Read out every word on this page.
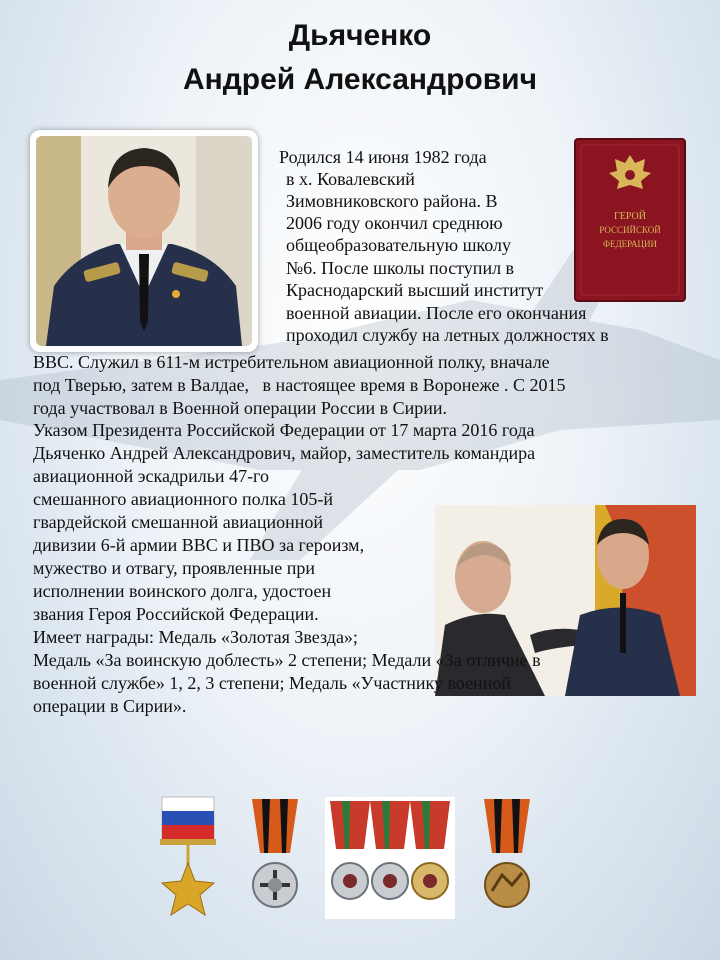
Дьяченко
Андрей Александрович
ГЕРОЙ
РОССИЙСКОЙ
ФЕДЕРАЦИИ
Родился 14 июня 1982 года
в х. Ковалевский
Зимовниковского района. В
2006 году окончил среднюю
общеобразовательную школу
№6. После школы поступил в
Краснодарский высший институт
военной авиации. После его окончания
проходил службу на летных должностях в
ВВС. Служил в 611-м истребительном авиационной полку, вначале
под Тверью, затем в Валдае,   в настоящее время в Воронеже . С 2015
года участвовал в Военной операции России в Сирии.
Указом Президента Российской Федерации от 17 марта 2016 года
Дьяченко Андрей Александрович, майор, заместитель командира
авиационной эскадрильи 47-го
смешанного авиационного полка 105-й
гвардейской смешанной авиационной
дивизии 6-й армии ВВС и ПВО за героизм,
мужество и отвагу, проявленные при
исполнении воинского долга, удостоен
звания Героя Российской Федерации.
Имеет награды: Медаль «Золотая Звезда»;
Медаль «За воинскую доблесть» 2 степени; Медали «За отличие в
военной службе» 1, 2, 3 степени; Медаль «Участнику военной
операции в Сирии».
